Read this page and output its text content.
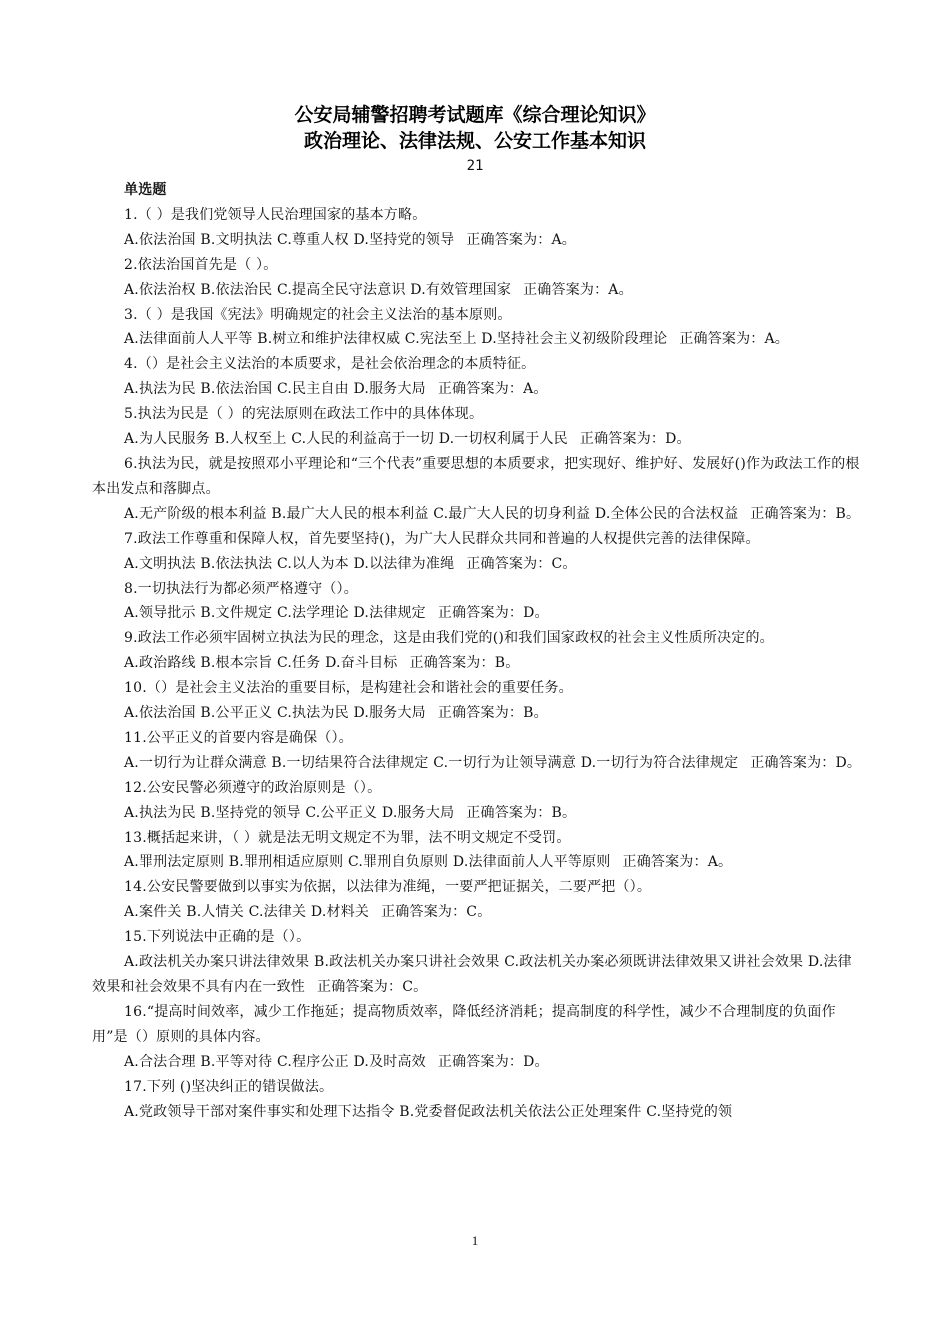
公安局辅警招聘考试题库《综合理论知识》
政治理论、法律法规、公安工作基本知识
21
单选题

1.（ ）是我们党领导人民治理国家的基本方略。

A.依法治国 B.文明执法 C.尊重人权 D.坚持党的领导 正确答案为：A。

2.依法治国首先是（ ）。

A.依法治权 B.依法治民 C.提高全民守法意识 D.有效管理国家 正确答案为：A。

3.（ ）是我国《宪法》明确规定的社会主义法治的基本原则。

A.法律面前人人平等 B.树立和维护法律权威 C.宪法至上 D.坚持社会主义初级阶段理论 正确答案为：A。

4.（）是社会主义法治的本质要求，是社会依治理念的本质特征。

A.执法为民 B.依法治国 C.民主自由 D.服务大局 正确答案为：A。

5.执法为民是（ ）的宪法原则在政法工作中的具体体现。

A.为人民服务 B.人权至上 C.人民的利益高于一切 D.一切权利属于人民 正确答案为：D。

6.执法为民，就是按照邓小平理论和“三个代表”重要思想的本质要求，把实现好、维护好、发展好()作为政法工作的根本出发点和落脚点。

A.无产阶级的根本利益 B.最广大人民的根本利益 C.最广大人民的切身利益 D.全体公民的合法权益 正确答案为：B。

7.政法工作尊重和保障人权，首先要坚持()，为广大人民群众共同和普遍的人权提供完善的法律保障。

A.文明执法 B.依法执法 C.以人为本 D.以法律为准绳 正确答案为：C。

8.一切执法行为都必须严格遵守（）。

A.领导批示 B.文件规定 C.法学理论 D.法律规定 正确答案为：D。

9.政法工作必须牢固树立执法为民的理念，这是由我们党的()和我们国家政权的社会主义性质所决定的。

A.政治路线 B.根本宗旨 C.任务 D.奋斗目标 正确答案为：B。

10.（）是社会主义法治的重要目标，是构建社会和谐社会的重要任务。

A.依法治国 B.公平正义 C.执法为民 D.服务大局 正确答案为：B。

11.公平正义的首要内容是确保（）。

A.一切行为让群众满意 B.一切结果符合法律规定 C.一切行为让领导满意 D.一切行为符合法律规定 正确答案为：D。

12.公安民警必须遵守的政治原则是（）。

A.执法为民 B.坚持党的领导 C.公平正义 D.服务大局 正确答案为：B。

13.概括起来讲，（ ）就是法无明文规定不为罪，法不明文规定不受罚。

A.罪刑法定原则 B.罪刑相适应原则 C.罪刑自负原则 D.法律面前人人平等原则 正确答案为：A。

14.公安民警要做到以事实为依据，以法律为准绳，一要严把证据关，二要严把（）。

A.案件关 B.人情关 C.法律关 D.材料关 正确答案为：C。

15.下列说法中正确的是（）。

A.政法机关办案只讲法律效果 B.政法机关办案只讲社会效果 C.政法机关办案必须既讲法律效果又讲社会效果 D.法律效果和社会效果不具有内在一致性 正确答案为：C。

16.“提高时间效率，减少工作拖延；提高物质效率，降低经济消耗；提高制度的科学性，减少不合理制度的负面作用”是（）原则的具体内容。

A.合法合理 B.平等对待 C.程序公正 D.及时高效 正确答案为：D。

17.下列 ()坚决纠正的错误做法。

A.党政领导干部对案件事实和处理下达指令 B.党委督促政法机关依法公正处理案件 C.坚持党的领

1
